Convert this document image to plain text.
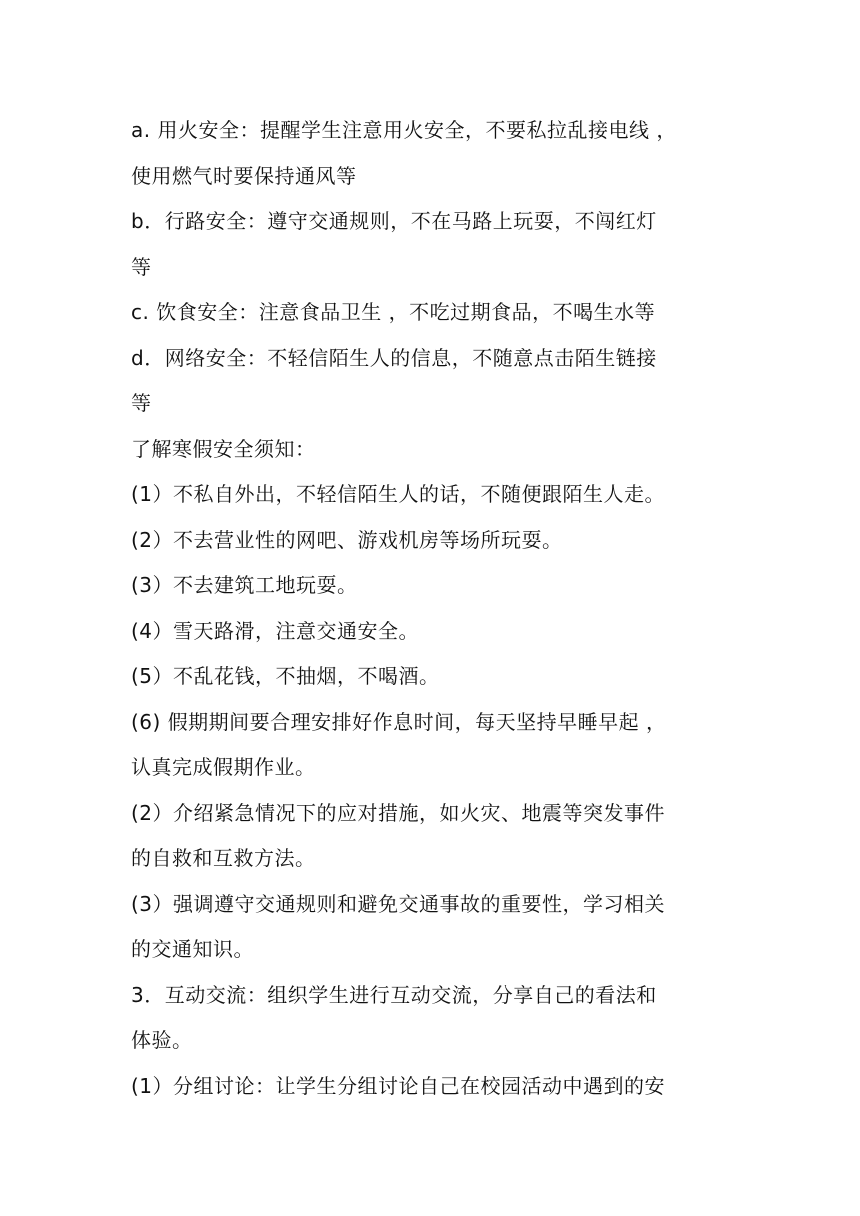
a. 用火安全：提醒学生注意用火安全，不要私拉乱接电线 ，

使用燃气时要保持通风等

b．行路安全：遵守交通规则，不在马路上玩耍，不闯红灯

等

c. 饮食安全：注意食品卫生 ，不吃过期食品，不喝生水等

d．网络安全：不轻信陌生人的信息，不随意点击陌生链接

等

了解寒假安全须知：

(1）不私自外出，不轻信陌生人的话，不随便跟陌生人走。

(2）不去营业性的网吧、游戏机房等场所玩耍。

(3）不去建筑工地玩耍。

(4）雪天路滑，注意交通安全。

(5）不乱花钱，不抽烟，不喝酒。

(6) 假期期间要合理安排好作息时间，每天坚持早睡早起 ，

认真完成假期作业。

(2）介绍紧急情况下的应对措施，如火灾、地震等突发事件

的自救和互救方法。

(3）强调遵守交通规则和避免交通事故的重要性，学习相关

的交通知识。

3．互动交流：组织学生进行互动交流，分享自己的看法和

体验。

(1）分组讨论：让学生分组讨论自己在校园活动中遇到的安
